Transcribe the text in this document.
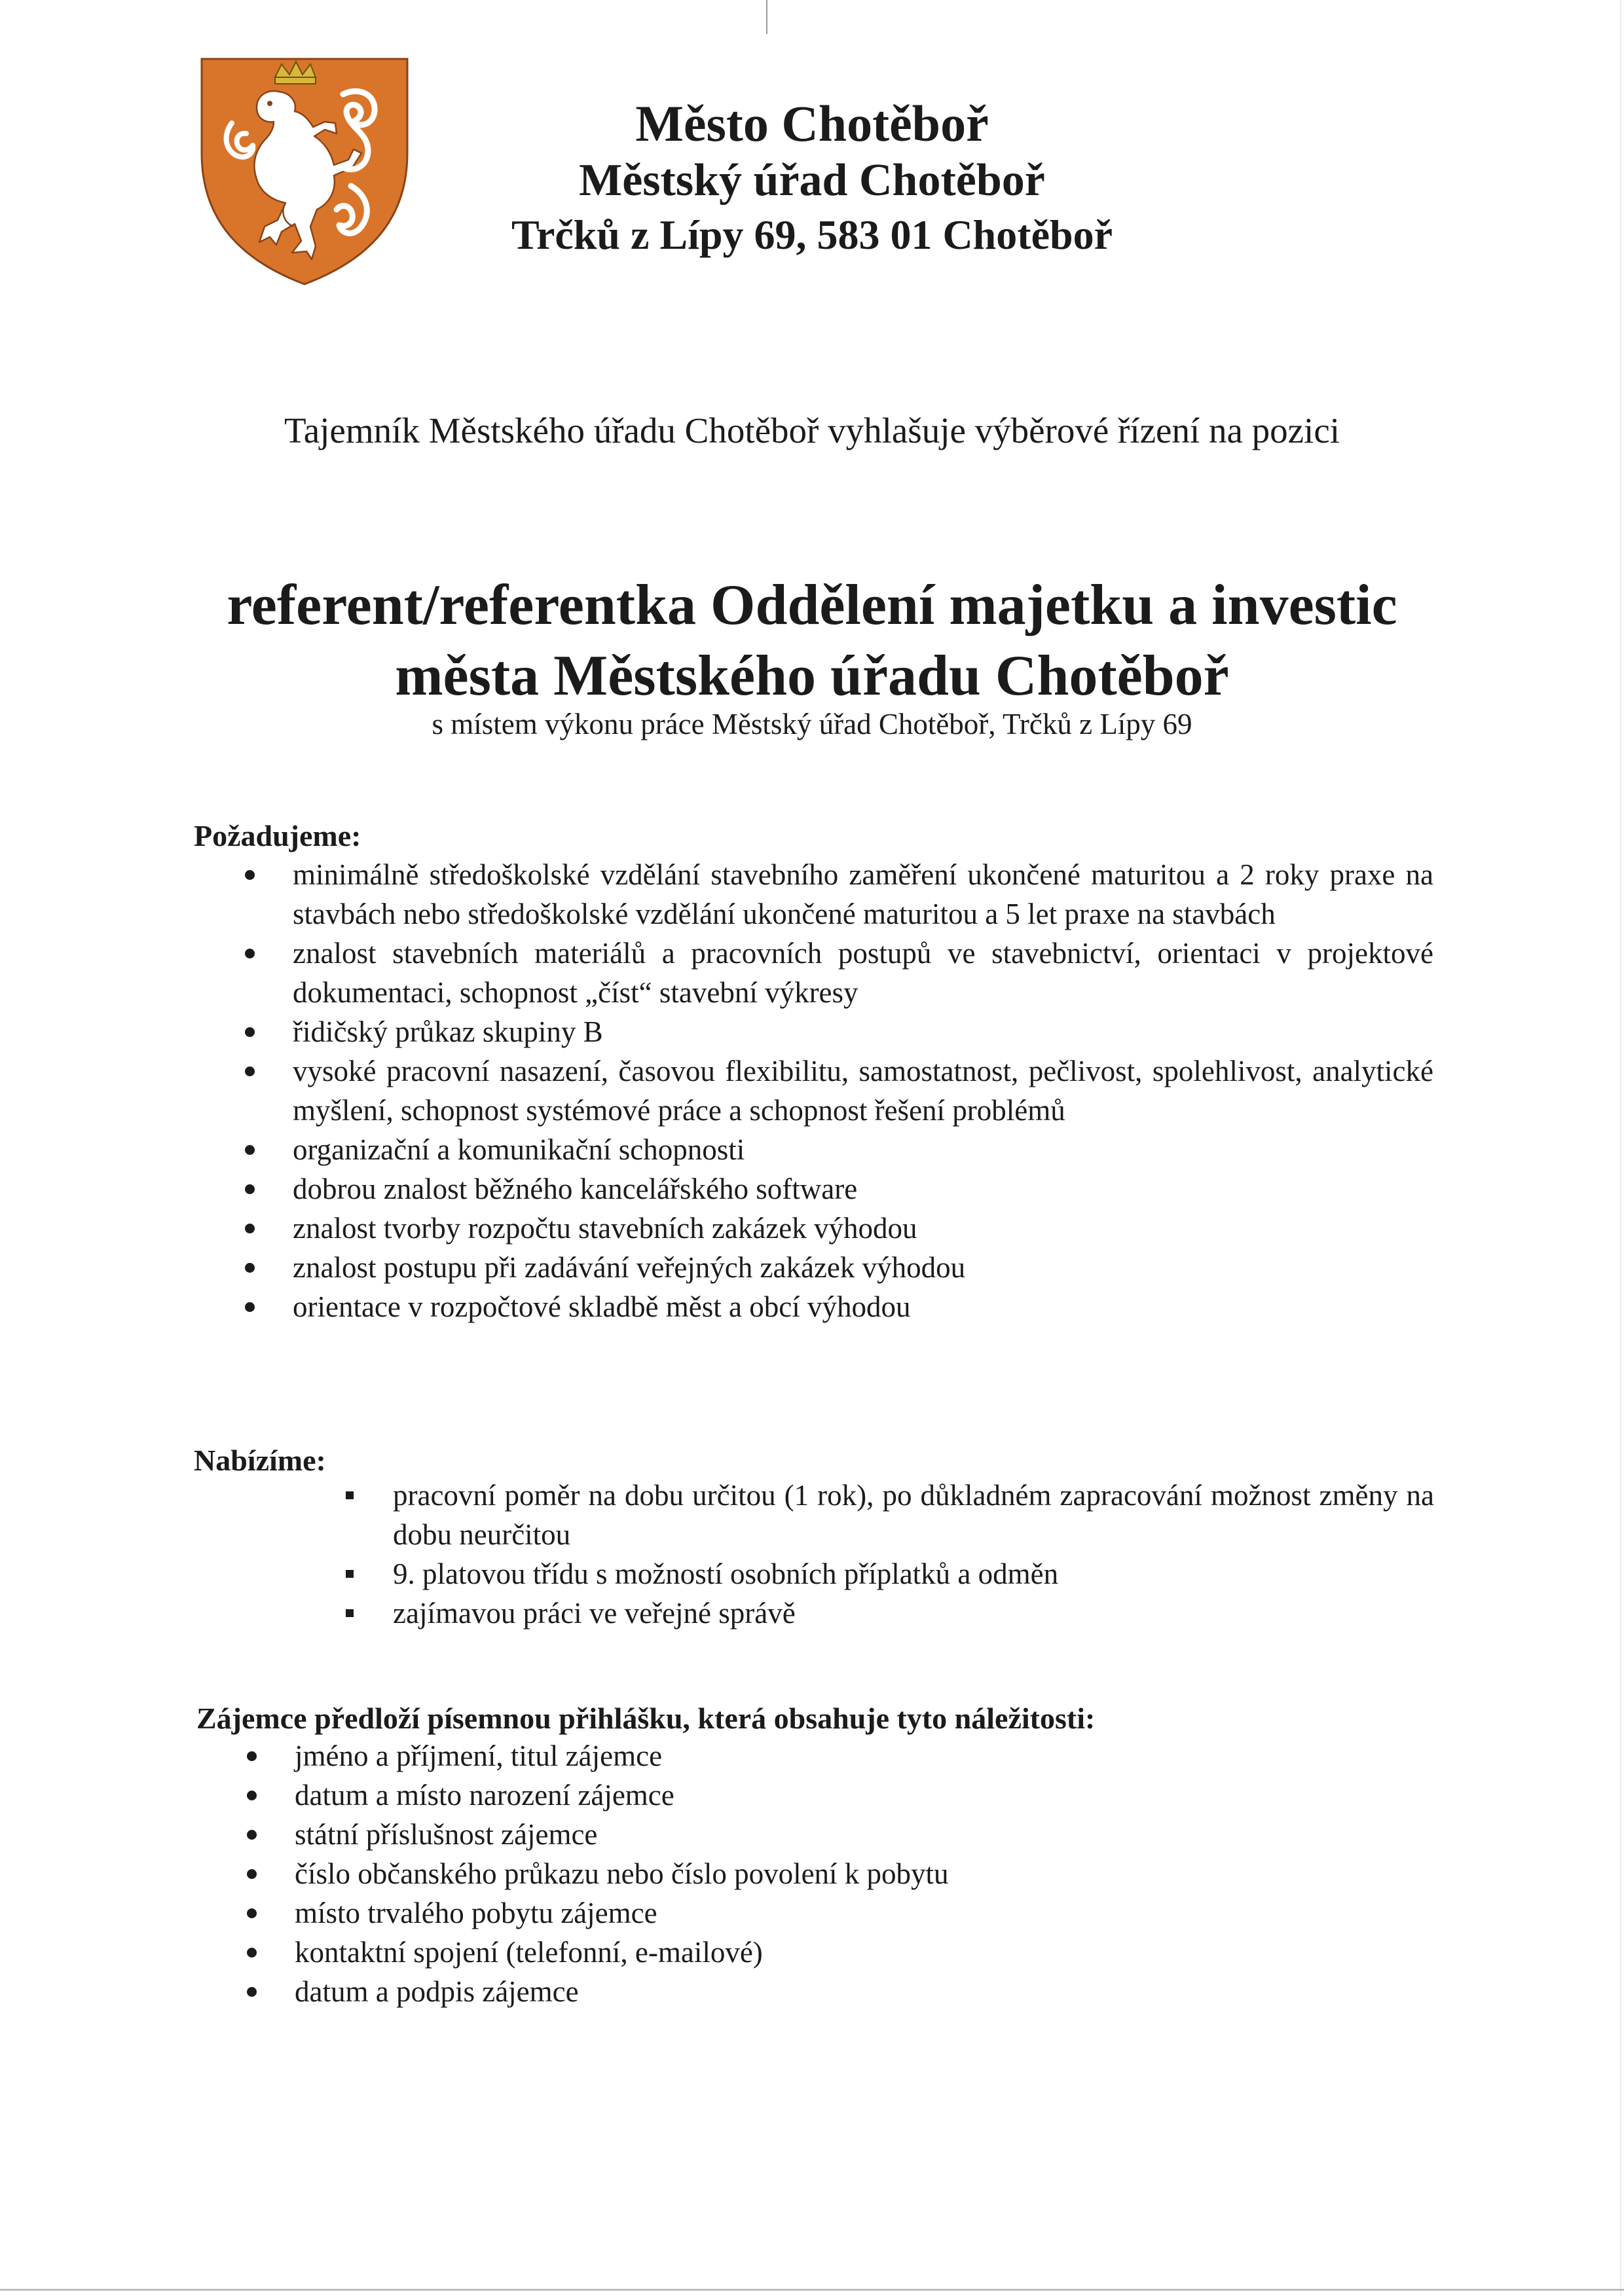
Město Chotěboř
Městský úřad Chotěboř
Trčků z Lípy 69, 583 01 Chotěboř
Tajemník Městského úřadu Chotěboř vyhlašuje výběrové řízení na pozici
referent/referentka Oddělení majetku a investic
města Městského úřadu Chotěboř
s místem výkonu práce Městský úřad Chotěboř, Trčků z Lípy 69
Požadujeme:
minimálně středoškolské vzdělání stavebního zaměření ukončené maturitou a 2 roky praxe na stavbách nebo středoškolské vzdělání ukončené maturitou a 5 let praxe na stavbách
znalost stavebních materiálů a pracovních postupů ve stavebnictví, orientaci v projektové dokumentaci, schopnost „číst“ stavební výkresy
řidičský průkaz skupiny B
vysoké pracovní nasazení, časovou flexibilitu, samostatnost, pečlivost, spolehlivost, analytické myšlení, schopnost systémové práce a schopnost řešení problémů
organizační a komunikační schopnosti
dobrou znalost běžného kancelářského software
znalost tvorby rozpočtu stavebních zakázek výhodou
znalost postupu při zadávání veřejných zakázek výhodou
orientace v rozpočtové skladbě měst a obcí výhodou
Nabízíme:
pracovní poměr na dobu určitou (1 rok), po důkladném zapracování možnost změny na dobu neurčitou
9. platovou třídu s možností osobních příplatků a odměn
zajímavou práci ve veřejné správě
Zájemce předloží písemnou přihlášku, která obsahuje tyto náležitosti:
jméno a příjmení, titul zájemce
datum a místo narození zájemce
státní příslušnost zájemce
číslo občanského průkazu nebo číslo povolení k pobytu
místo trvalého pobytu zájemce
kontaktní spojení (telefonní, e-mailové)
datum a podpis zájemce
